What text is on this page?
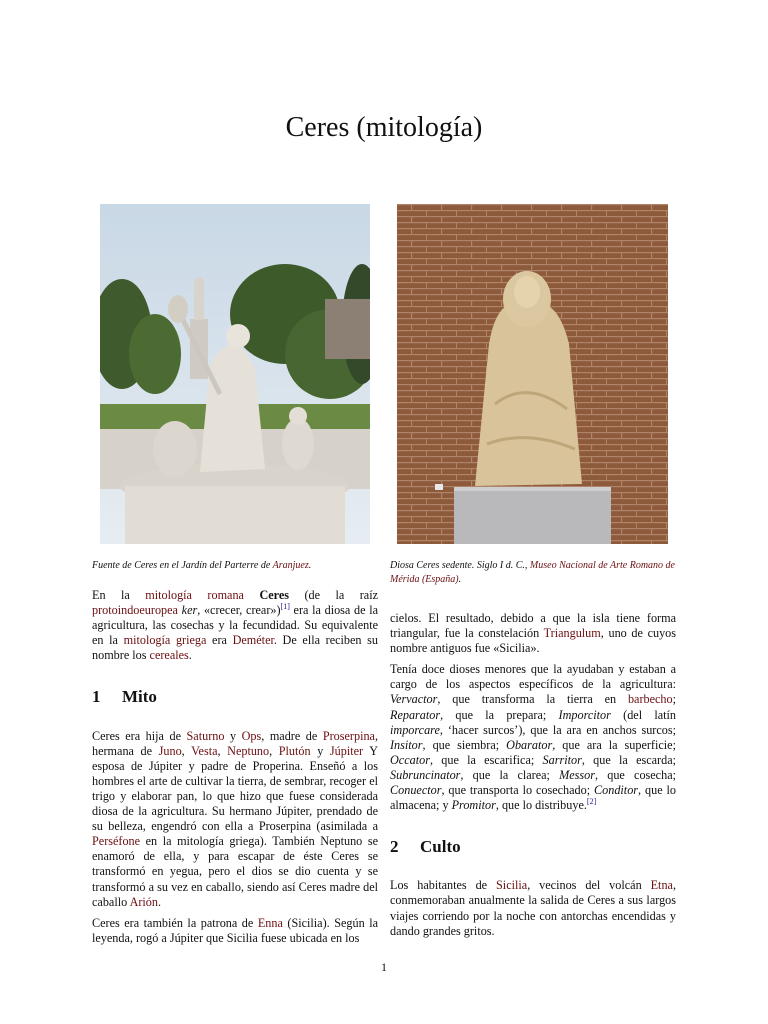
Ceres (mitología)
Fuente de Ceres en el Jardín del Parterre de Aranjuez.	Diosa Ceres sedente. Siglo I d. C., Museo Nacional de Arte Romano de Mérida (España).

En la mitología romana Ceres (de la raíz protoindoeuropea ker, «crecer, crear»)[1] era la diosa de la agricultura, las cosechas y la fecundidad. Su equivalente en la mitología griega era Deméter. De ella reciben su nombre los cereales.

1 Mito

Ceres era hija de Saturno y Ops, madre de Proserpina, hermana de Juno, Vesta, Neptuno, Plutón y Júpiter Y esposa de Júpiter y padre de Properina. Enseñó a los hombres el arte de cultivar la tierra, de sembrar, recoger el trigo y elaborar pan, lo que hizo que fuese considerada diosa de la agricultura. Su hermano Júpiter, prendado de su belleza, engendró con ella a Proserpina (asimilada a Perséfone en la mitología griega). También Neptuno se enamoró de ella, y para escapar de éste Ceres se transformó en yegua, pero el dios se dio cuenta y se transformó a su vez en caballo, siendo así Ceres madre del caballo Arión.

Ceres era también la patrona de Enna (Sicilia). Según la leyenda, rogó a Júpiter que Sicilia fuese ubicada en los

cielos. El resultado, debido a que la isla tiene forma triangular, fue la constelación Triangulum, uno de cuyos nombre antiguos fue «Sicilia».

Tenía doce dioses menores que la ayudaban y estaban a cargo de los aspectos específicos de la agricultura: Vervactor, que transforma la tierra en barbecho; Reparator, que la prepara; Imporcitor (del latín imporcare, ‘hacer surcos’), que la ara en anchos surcos; Insitor, que siembra; Obarator, que ara la superficie; Occator, que la escarifica; Sarritor, que la escarda; Subruncinator, que la clarea; Messor, que cosecha; Conuector, que transporta lo cosechado; Conditor, que lo almacena; y Promitor, que lo distribuye.[2]

2 Culto

Los habitantes de Sicilia, vecinos del volcán Etna, conmemoraban anualmente la salida de Ceres a sus largos viajes corriendo por la noche con antorchas encendidas y dando grandes gritos.

1
